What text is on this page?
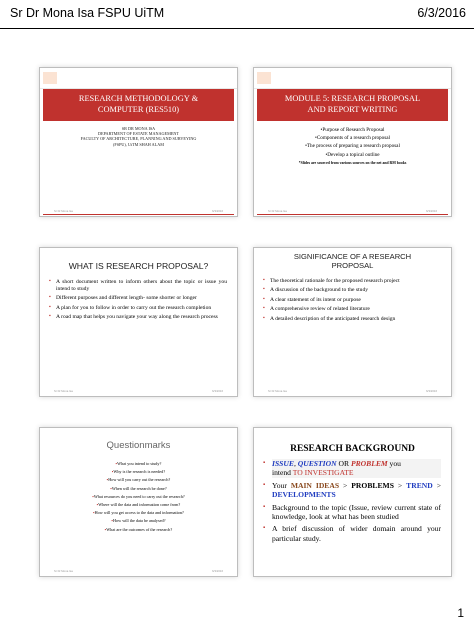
Sr Dr Mona Isa FSPU UiTM	6/3/2016
RESEARCH METHODOLOGY &
COMPUTER (RES510)
SR DR MONA ISA
DEPARTMENT OF ESTATE MANAGEMENT
FACULTY OF ARCHITECTURE, PLANNING AND SURVEYING
(FSPU), UiTM SHAH ALAM
Sr Dr Mona Isa	6/3/2016
MODULE 5: RESEARCH PROPOSAL
AND REPORT WRITING
•Purpose of Research Proposal
•Components of a research proposal
•The process of preparing a research proposal
•Develop a topical outline
*Slides are sourced from various sources on the net and RM books
Sr Dr Mona Isa	6/3/2016
WHAT IS RESEARCH PROPOSAL?
▪ A short document written to inform others about the topic or issue you intend to study
▪ Different purposes and different length- some shorter or longer
▪ A plan for you to follow in order to carry out the research completion
▪ A road map that helps you navigate your way along the research process
Sr Dr Mona Isa	6/3/2016
SIGNIFICANCE OF A RESEARCH
PROPOSAL
▪ The theoretical rationale for the proposed research project
▪ A discussion of the background to the study
▪ A clear statement of its intent or purpose
▪ A comprehensive review of related literature
▪ A detailed description of the anticipated research design
Sr Dr Mona Isa	6/3/2016
Questionmarks
▪ What you intend to study?
▪ Why is the research is needed?
▪ How will you carry out the research?
▪ When will the research be done?
▪ What resources do you need to carry out the research?
▪ Where will the data and information come from?
▪ How will you get access to the data and information?
▪ How will the data be analysed?
▪ What are the outcomes of the research?
Sr Dr Mona Isa	6/3/2016
RESEARCH BACKGROUND
▪ ISSUE, QUESTION OR PROBLEM you
intend TO INVESTIGATE
▪ Your MAIN IDEAS > PROBLEMS > TREND > DEVELOPMENTS
▪ Background to the topic (Issue, review current state of knowledge, look at what has been studied
▪ A brief discussion of wider domain around your particular study.
1
